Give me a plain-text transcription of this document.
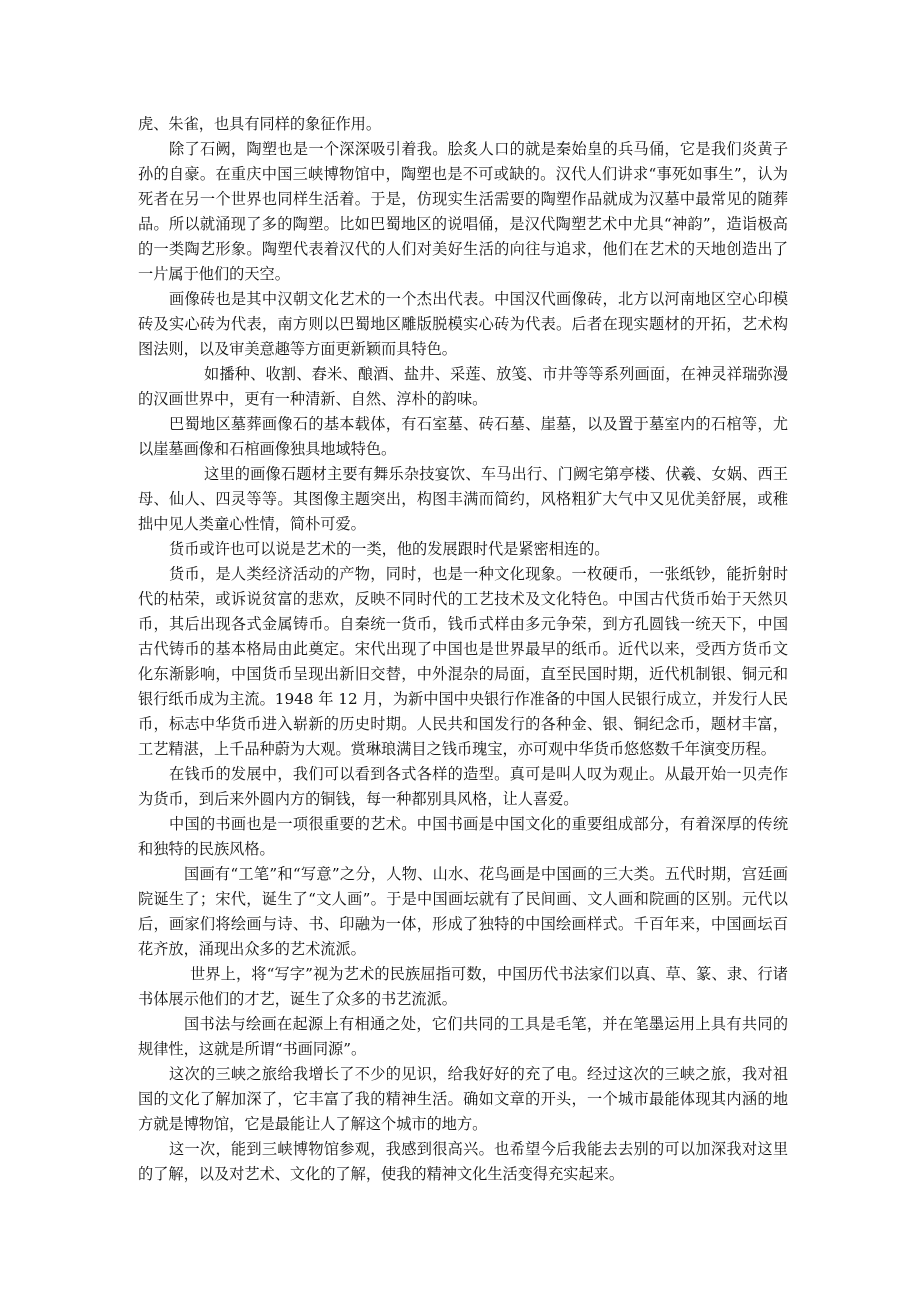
虎、朱雀，也具有同样的象征作用。

除了石阙，陶塑也是一个深深吸引着我。脍炙人口的就是秦始皇的兵马俑，它是我们炎黄子孙的自豪。在重庆中国三峡博物馆中，陶塑也是不可或缺的。汉代人们讲求“事死如事生”，认为死者在另一个世界也同样生活着。于是，仿现实生活需要的陶塑作品就成为汉墓中最常见的随葬品。所以就涌现了多的陶塑。比如巴蜀地区的说唱俑，是汉代陶塑艺术中尤具“神韵”，造诣极高的一类陶艺形象。陶塑代表着汉代的人们对美好生活的向往与追求，他们在艺术的天地创造出了一片属于他们的天空。

画像砖也是其中汉朝文化艺术的一个杰出代表。中国汉代画像砖，北方以河南地区空心印模砖及实心砖为代表，南方则以巴蜀地区雕版脱模实心砖为代表。后者在现实题材的开拓，艺术构图法则，以及审美意趣等方面更新颖而具特色。

如播种、收割、舂米、酿酒、盐井、采莲、放笺、市井等等系列画面，在神灵祥瑞弥漫的汉画世界中，更有一种清新、自然、淳朴的韵味。

巴蜀地区墓葬画像石的基本载体，有石室墓、砖石墓、崖墓，以及置于墓室内的石棺等，尤以崖墓画像和石棺画像独具地域特色。

这里的画像石题材主要有舞乐杂技宴饮、车马出行、门阙宅第亭楼、伏羲、女娲、西王母、仙人、四灵等等。其图像主题突出，构图丰满而简约，风格粗犷大气中又见优美舒展，或稚拙中见人类童心性情，简朴可爱。

货币或许也可以说是艺术的一类，他的发展跟时代是紧密相连的。

货币，是人类经济活动的产物，同时，也是一种文化现象。一枚硬币，一张纸钞，能折射时代的枯荣，或诉说贫富的悲欢，反映不同时代的工艺技术及文化特色。中国古代货币始于天然贝币，其后出现各式金属铸币。自秦统一货币，钱币式样由多元争荣，到方孔圆钱一统天下，中国古代铸币的基本格局由此奠定。宋代出现了中国也是世界最早的纸币。近代以来，受西方货币文化东渐影响，中国货币呈现出新旧交替，中外混杂的局面，直至民国时期，近代机制银、铜元和银行纸币成为主流。1948 年 12 月，为新中国中央银行作准备的中国人民银行成立，并发行人民币，标志中华货币进入崭新的历史时期。人民共和国发行的各种金、银、铜纪念币，题材丰富，工艺精湛，上千品种蔚为大观。赏琳琅满目之钱币瑰宝，亦可观中华货币悠悠数千年演变历程。

在钱币的发展中，我们可以看到各式各样的造型。真可是叫人叹为观止。从最开始一贝壳作为货币，到后来外圆内方的铜钱，每一种都别具风格，让人喜爱。

中国的书画也是一项很重要的艺术。中国书画是中国文化的重要组成部分，有着深厚的传统和独特的民族风格。

国画有“工笔”和“写意”之分，人物、山水、花鸟画是中国画的三大类。五代时期，宫廷画院诞生了；宋代，诞生了“文人画”。于是中国画坛就有了民间画、文人画和院画的区别。元代以后，画家们将绘画与诗、书、印融为一体，形成了独特的中国绘画样式。千百年来，中国画坛百花齐放，涌现出众多的艺术流派。

世界上，将“写字”视为艺术的民族屈指可数，中国历代书法家们以真、草、篆、隶、行诸书体展示他们的才艺，诞生了众多的书艺流派。

国书法与绘画在起源上有相通之处，它们共同的工具是毛笔，并在笔墨运用上具有共同的规律性，这就是所谓“书画同源”。

这次的三峡之旅给我增长了不少的见识，给我好好的充了电。经过这次的三峡之旅，我对祖国的文化了解加深了，它丰富了我的精神生活。确如文章的开头，一个城市最能体现其内涵的地方就是博物馆，它是最能让人了解这个城市的地方。

这一次，能到三峡博物馆参观，我感到很高兴。也希望今后我能去去别的可以加深我对这里的了解，以及对艺术、文化的了解，使我的精神文化生活变得充实起来。
